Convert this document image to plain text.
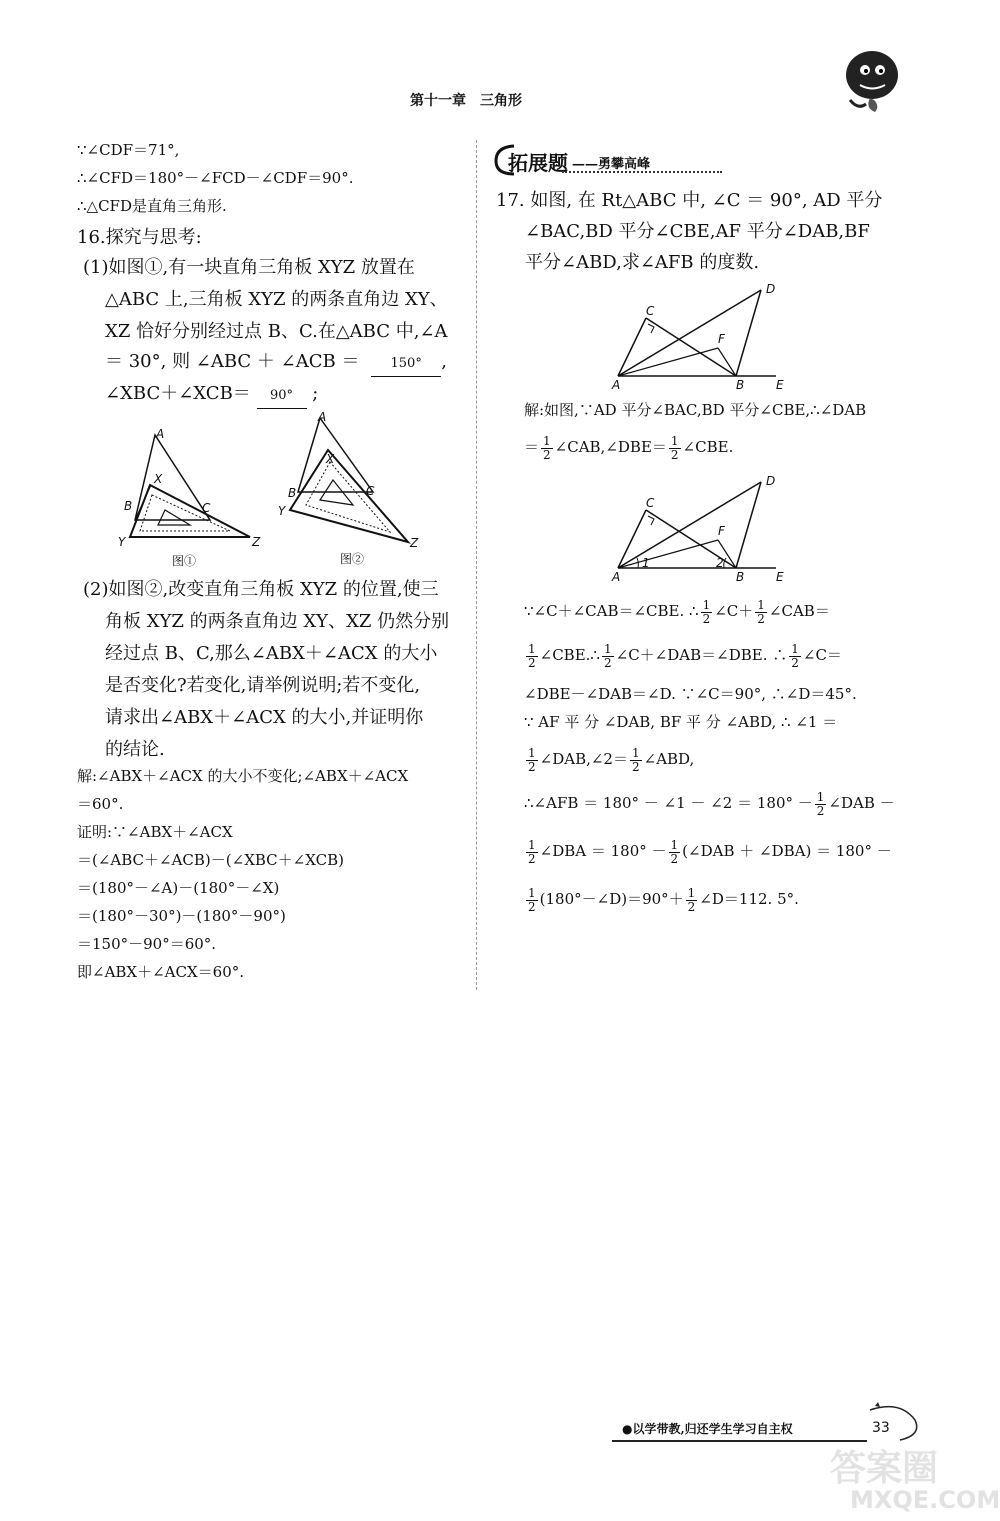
第十一章　三角形
∵∠CDF＝71°,
∴∠CFD＝180°－∠FCD－∠CDF＝90°.
∴△CFD是直角三角形.
16.探究与思考:
(1)如图①,有一块直角三角板 XYZ 放置在
△ABC 上,三角板 XYZ 的两条直角边 XY、
XZ 恰好分别经过点 B、C.在△ABC 中,∠A
＝ 30°, 则 ∠ABC ＋ ∠ACB ＝ 150° ,
∠XBC＋∠XCB＝ 90° ;
A
X
B	C
Y	Z
图①
A
X
B	C
Y
Z
图②
(2)如图②,改变直角三角板 XYZ 的位置,使三
角板 XYZ 的两条直角边 XY、XZ 仍然分别
经过点 B、C,那么∠ABX＋∠ACX 的大小
是否变化?若变化,请举例说明;若不变化,
请求出∠ABX＋∠ACX 的大小,并证明你
的结论.
解:∠ABX＋∠ACX 的大小不变化;∠ABX＋∠ACX
＝60°.
证明:∵∠ABX＋∠ACX
＝(∠ABC＋∠ACB)－(∠XBC＋∠XCB)
＝(180°－∠A)－(180°－∠X)
＝(180°－30°)－(180°－90°)
＝150°－90°＝60°.
即∠ABX＋∠ACX＝60°.
拓展题 ——勇攀高峰
17. 如图, 在 Rt△ABC 中, ∠C ＝ 90°, AD 平分
∠BAC,BD 平分∠CBE,AF 平分∠DAB,BF
平分∠ABD,求∠AFB 的度数.
D
C
F
A	B	E
解:如图,∵AD 平分∠BAC,BD 平分∠CBE,∴∠DAB
＝ $\frac{1}{2}$ ∠CAB,∠DBE＝ $\frac{1}{2}$ ∠CBE.
D
C
F
A
1	2
B	E
∵∠C＋∠CAB＝∠CBE. ∴ $\frac{1}{2}$ ∠C＋ $\frac{1}{2}$ ∠CAB＝
$\frac{1}{2}$ ∠CBE.∴ $\frac{1}{2}$ ∠C＋∠DAB＝∠DBE. ∴ $\frac{1}{2}$ ∠C＝
∠DBE－∠DAB＝∠D. ∵∠C＝90°, ∴∠D＝45°.
∵ AF 平 分 ∠DAB, BF 平 分 ∠ABD, ∴ ∠1 ＝
$\frac{1}{2}$ ∠DAB,∠2＝ $\frac{1}{2}$ ∠ABD,
∴∠AFB ＝ 180° － ∠1 － ∠2 ＝ $180^\circ - \frac{1}{2}$ ∠DAB －
$\frac{1}{2}$ ∠DBA ＝ $180^\circ - \frac{1}{2}$ (∠DAB ＋ ∠DBA) ＝ 180° －
$\frac{1}{2}$ (180°－∠D)＝90°＋ $\frac{1}{2}$ ∠D＝112. 5°.
●以学带教,归还学生学习自主权	33
答案圈
MXQE.COM
